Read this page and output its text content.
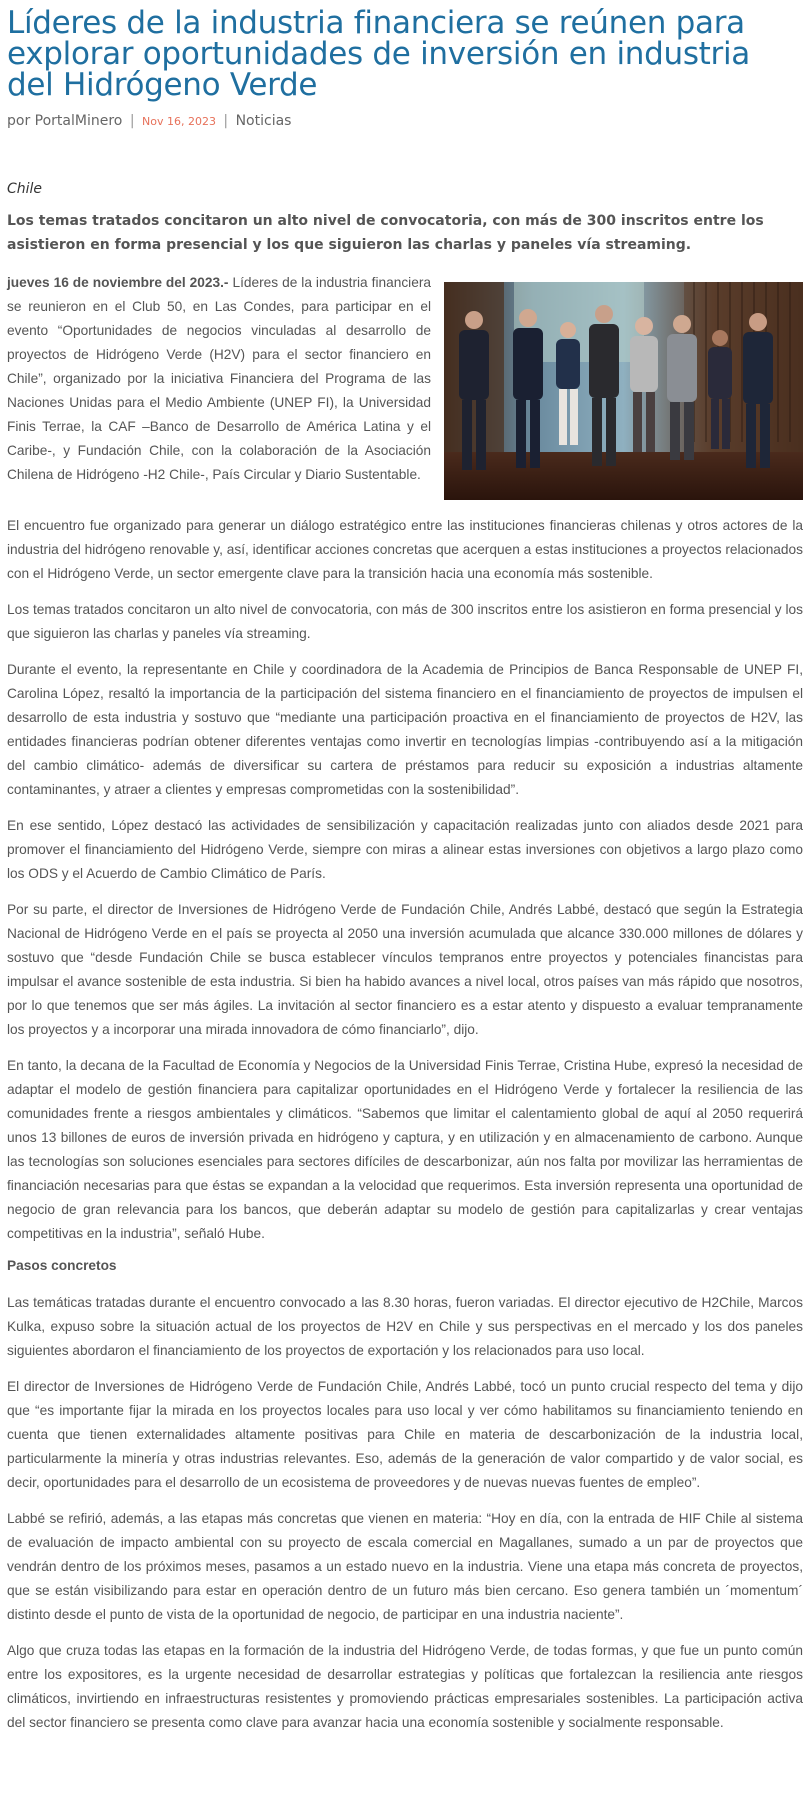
Líderes de la industria financiera se reúnen para explorar oportunidades de inversión en industria del Hidrógeno Verde
por PortalMinero | Nov 16, 2023 | Noticias
Chile
Los temas tratados concitaron un alto nivel de convocatoria, con más de 300 inscritos entre los asistieron en forma presencial y los que siguieron las charlas y paneles vía streaming.

jueves 16 de noviembre del 2023.- Líderes de la industria financiera se reunieron en el Club 50, en Las Condes, para participar en el evento “Oportunidades de negocios vinculadas al desarrollo de proyectos de Hidrógeno Verde (H2V) para el sector financiero en Chile”, organizado por la iniciativa Financiera del Programa de las Naciones Unidas para el Medio Ambiente (UNEP FI), la Universidad Finis Terrae, la CAF –Banco de Desarrollo de América Latina y el Caribe-, y Fundación Chile, con la colaboración de la Asociación Chilena de Hidrógeno -H2 Chile-, País Circular y Diario Sustentable.

El encuentro fue organizado para generar un diálogo estratégico entre las instituciones financieras chilenas y otros actores de la industria del hidrógeno renovable y, así, identificar acciones concretas que acerquen a estas instituciones a proyectos relacionados con el Hidrógeno Verde, un sector emergente clave para la transición hacia una economía más sostenible.

Los temas tratados concitaron un alto nivel de convocatoria, con más de 300 inscritos entre los asistieron en forma presencial y los que siguieron las charlas y paneles vía streaming.

Durante el evento, la representante en Chile y coordinadora de la Academia de Principios de Banca Responsable de UNEP FI, Carolina López, resaltó la importancia de la participación del sistema financiero en el financiamiento de proyectos de impulsen el desarrollo de esta industria y sostuvo que “mediante una participación proactiva en el financiamiento de proyectos de H2V, las entidades financieras podrían obtener diferentes ventajas como invertir en tecnologías limpias -contribuyendo así a la mitigación del cambio climático- además de diversificar su cartera de préstamos para reducir su exposición a industrias altamente contaminantes, y atraer a clientes y empresas comprometidas con la sostenibilidad”.

En ese sentido, López destacó las actividades de sensibilización y capacitación realizadas junto con aliados desde 2021 para promover el financiamiento del Hidrógeno Verde, siempre con miras a alinear estas inversiones con objetivos a largo plazo como los ODS y el Acuerdo de Cambio Climático de París.

Por su parte, el director de Inversiones de Hidrógeno Verde de Fundación Chile, Andrés Labbé, destacó que según la Estrategia Nacional de Hidrógeno Verde en el país se proyecta al 2050 una inversión acumulada que alcance 330.000 millones de dólares y sostuvo que “desde Fundación Chile se busca establecer vínculos tempranos entre proyectos y potenciales financistas para impulsar el avance sostenible de esta industria. Si bien ha habido avances a nivel local, otros países van más rápido que nosotros, por lo que tenemos que ser más ágiles. La invitación al sector financiero es a estar atento y dispuesto a evaluar tempranamente los proyectos y a incorporar una mirada innovadora de cómo financiarlo”, dijo.

En tanto, la decana de la Facultad de Economía y Negocios de la Universidad Finis Terrae, Cristina Hube, expresó la necesidad de adaptar el modelo de gestión financiera para capitalizar oportunidades en el Hidrógeno Verde y fortalecer la resiliencia de las comunidades frente a riesgos ambientales y climáticos. “Sabemos que limitar el calentamiento global de aquí al 2050 requerirá unos 13 billones de euros de inversión privada en hidrógeno y captura, y en utilización y en almacenamiento de carbono. Aunque las tecnologías son soluciones esenciales para sectores difíciles de descarbonizar, aún nos falta por movilizar las herramientas de financiación necesarias para que éstas se expandan a la velocidad que requerimos. Esta inversión representa una oportunidad de negocio de gran relevancia para los bancos, que deberán adaptar su modelo de gestión para capitalizarlas y crear ventajas competitivas en la industria”, señaló Hube.

Pasos concretos

Las temáticas tratadas durante el encuentro convocado a las 8.30 horas, fueron variadas. El director ejecutivo de H2Chile, Marcos Kulka, expuso sobre la situación actual de los proyectos de H2V en Chile y sus perspectivas en el mercado y los dos paneles siguientes abordaron el financiamiento de los proyectos de exportación y los relacionados para uso local.

El director de Inversiones de Hidrógeno Verde de Fundación Chile, Andrés Labbé, tocó un punto crucial respecto del tema y dijo que “es importante fijar la mirada en los proyectos locales para uso local y ver cómo habilitamos su financiamiento teniendo en cuenta que tienen externalidades altamente positivas para Chile en materia de descarbonización de la industria local, particularmente la minería y otras industrias relevantes. Eso, además de la generación de valor compartido y de valor social, es decir, oportunidades para el desarrollo de un ecosistema de proveedores y de nuevas nuevas fuentes de empleo”.

Labbé se refirió, además, a las etapas más concretas que vienen en materia: “Hoy en día, con la entrada de HIF Chile al sistema de evaluación de impacto ambiental con su proyecto de escala comercial en Magallanes, sumado a un par de proyectos que vendrán dentro de los próximos meses, pasamos a un estado nuevo en la industria. Viene una etapa más concreta de proyectos, que se están visibilizando para estar en operación dentro de un futuro más bien cercano. Eso genera también un ´momentum´ distinto desde el punto de vista de la oportunidad de negocio, de participar en una industria naciente”.

Algo que cruza todas las etapas en la formación de la industria del Hidrógeno Verde, de todas formas, y que fue un punto común entre los expositores, es la urgente necesidad de desarrollar estrategias y políticas que fortalezcan la resiliencia ante riesgos climáticos, invirtiendo en infraestructuras resistentes y promoviendo prácticas empresariales sostenibles. La participación activa del sector financiero se presenta como clave para avanzar hacia una economía sostenible y socialmente responsable.
